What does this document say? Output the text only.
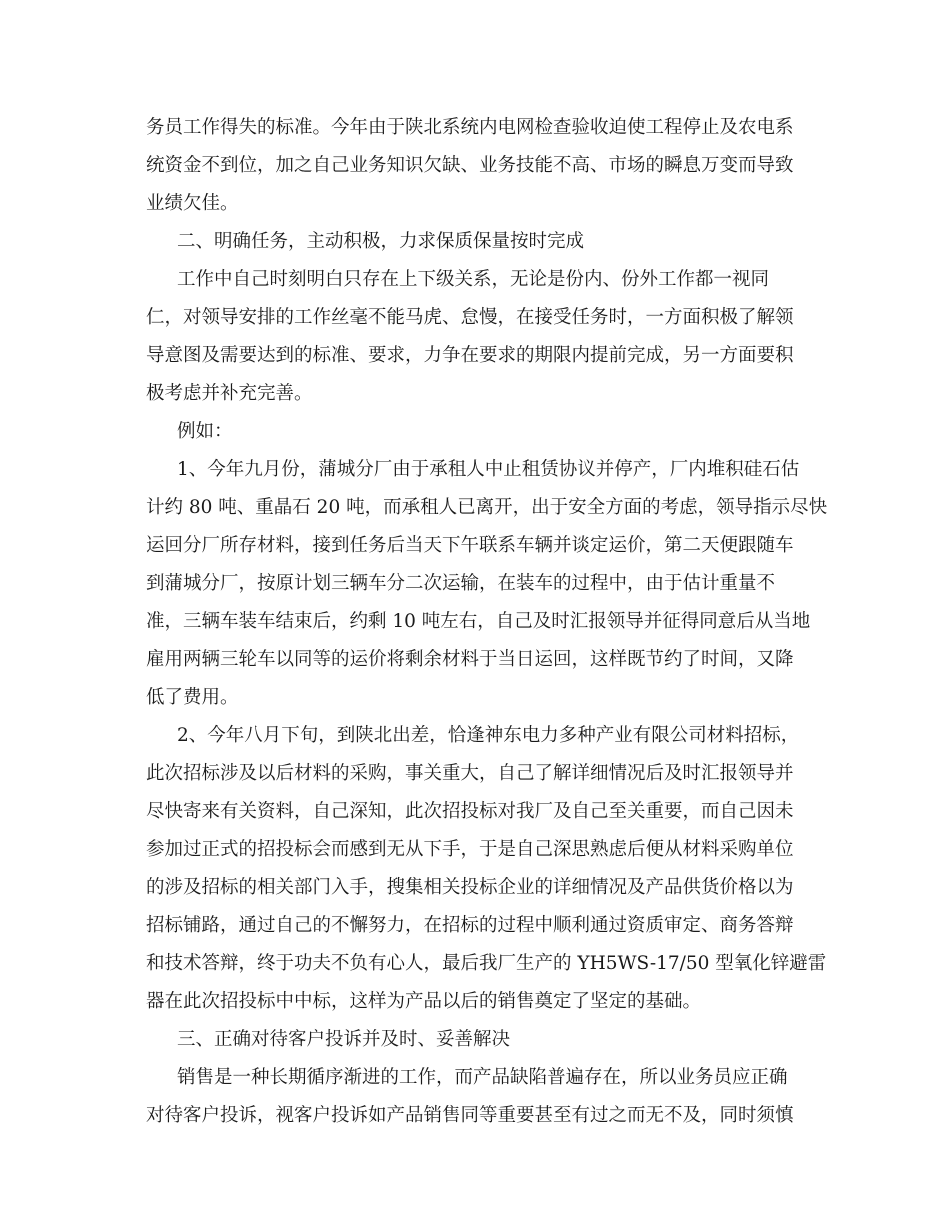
务员工作得失的标准。今年由于陕北系统内电网检查验收迫使工程停止及农电系
统资金不到位，加之自己业务知识欠缺、业务技能不高、市场的瞬息万变而导致
业绩欠佳。
二、明确任务，主动积极，力求保质保量按时完成
工作中自己时刻明白只存在上下级关系，无论是份内、份外工作都一视同
仁，对领导安排的工作丝毫不能马虎、怠慢，在接受任务时，一方面积极了解领
导意图及需要达到的标准、要求，力争在要求的期限内提前完成，另一方面要积
极考虑并补充完善。
例如：
1、今年九月份，蒲城分厂由于承租人中止租赁协议并停产，厂内堆积硅石估
计约 80 吨、重晶石 20 吨，而承租人已离开，出于安全方面的考虑，领导指示尽快
运回分厂所存材料，接到任务后当天下午联系车辆并谈定运价，第二天便跟随车
到蒲城分厂，按原计划三辆车分二次运输，在装车的过程中，由于估计重量不
准，三辆车装车结束后，约剩 10 吨左右，自己及时汇报领导并征得同意后从当地
雇用两辆三轮车以同等的运价将剩余材料于当日运回，这样既节约了时间，又降
低了费用。
2、今年八月下旬，到陕北出差，恰逢神东电力多种产业有限公司材料招标，
此次招标涉及以后材料的采购，事关重大，自己了解详细情况后及时汇报领导并
尽快寄来有关资料，自己深知，此次招投标对我厂及自己至关重要，而自己因未
参加过正式的招投标会而感到无从下手，于是自己深思熟虑后便从材料采购单位
的涉及招标的相关部门入手，搜集相关投标企业的详细情况及产品供货价格以为
招标铺路，通过自己的不懈努力，在招标的过程中顺利通过资质审定、商务答辩
和技术答辩，终于功夫不负有心人，最后我厂生产的 YH5WS-17/50 型氧化锌避雷
器在此次招投标中中标，这样为产品以后的销售奠定了坚定的基础。
三、正确对待客户投诉并及时、妥善解决
销售是一种长期循序渐进的工作，而产品缺陷普遍存在，所以业务员应正确
对待客户投诉，视客户投诉如产品销售同等重要甚至有过之而无不及，同时须慎
